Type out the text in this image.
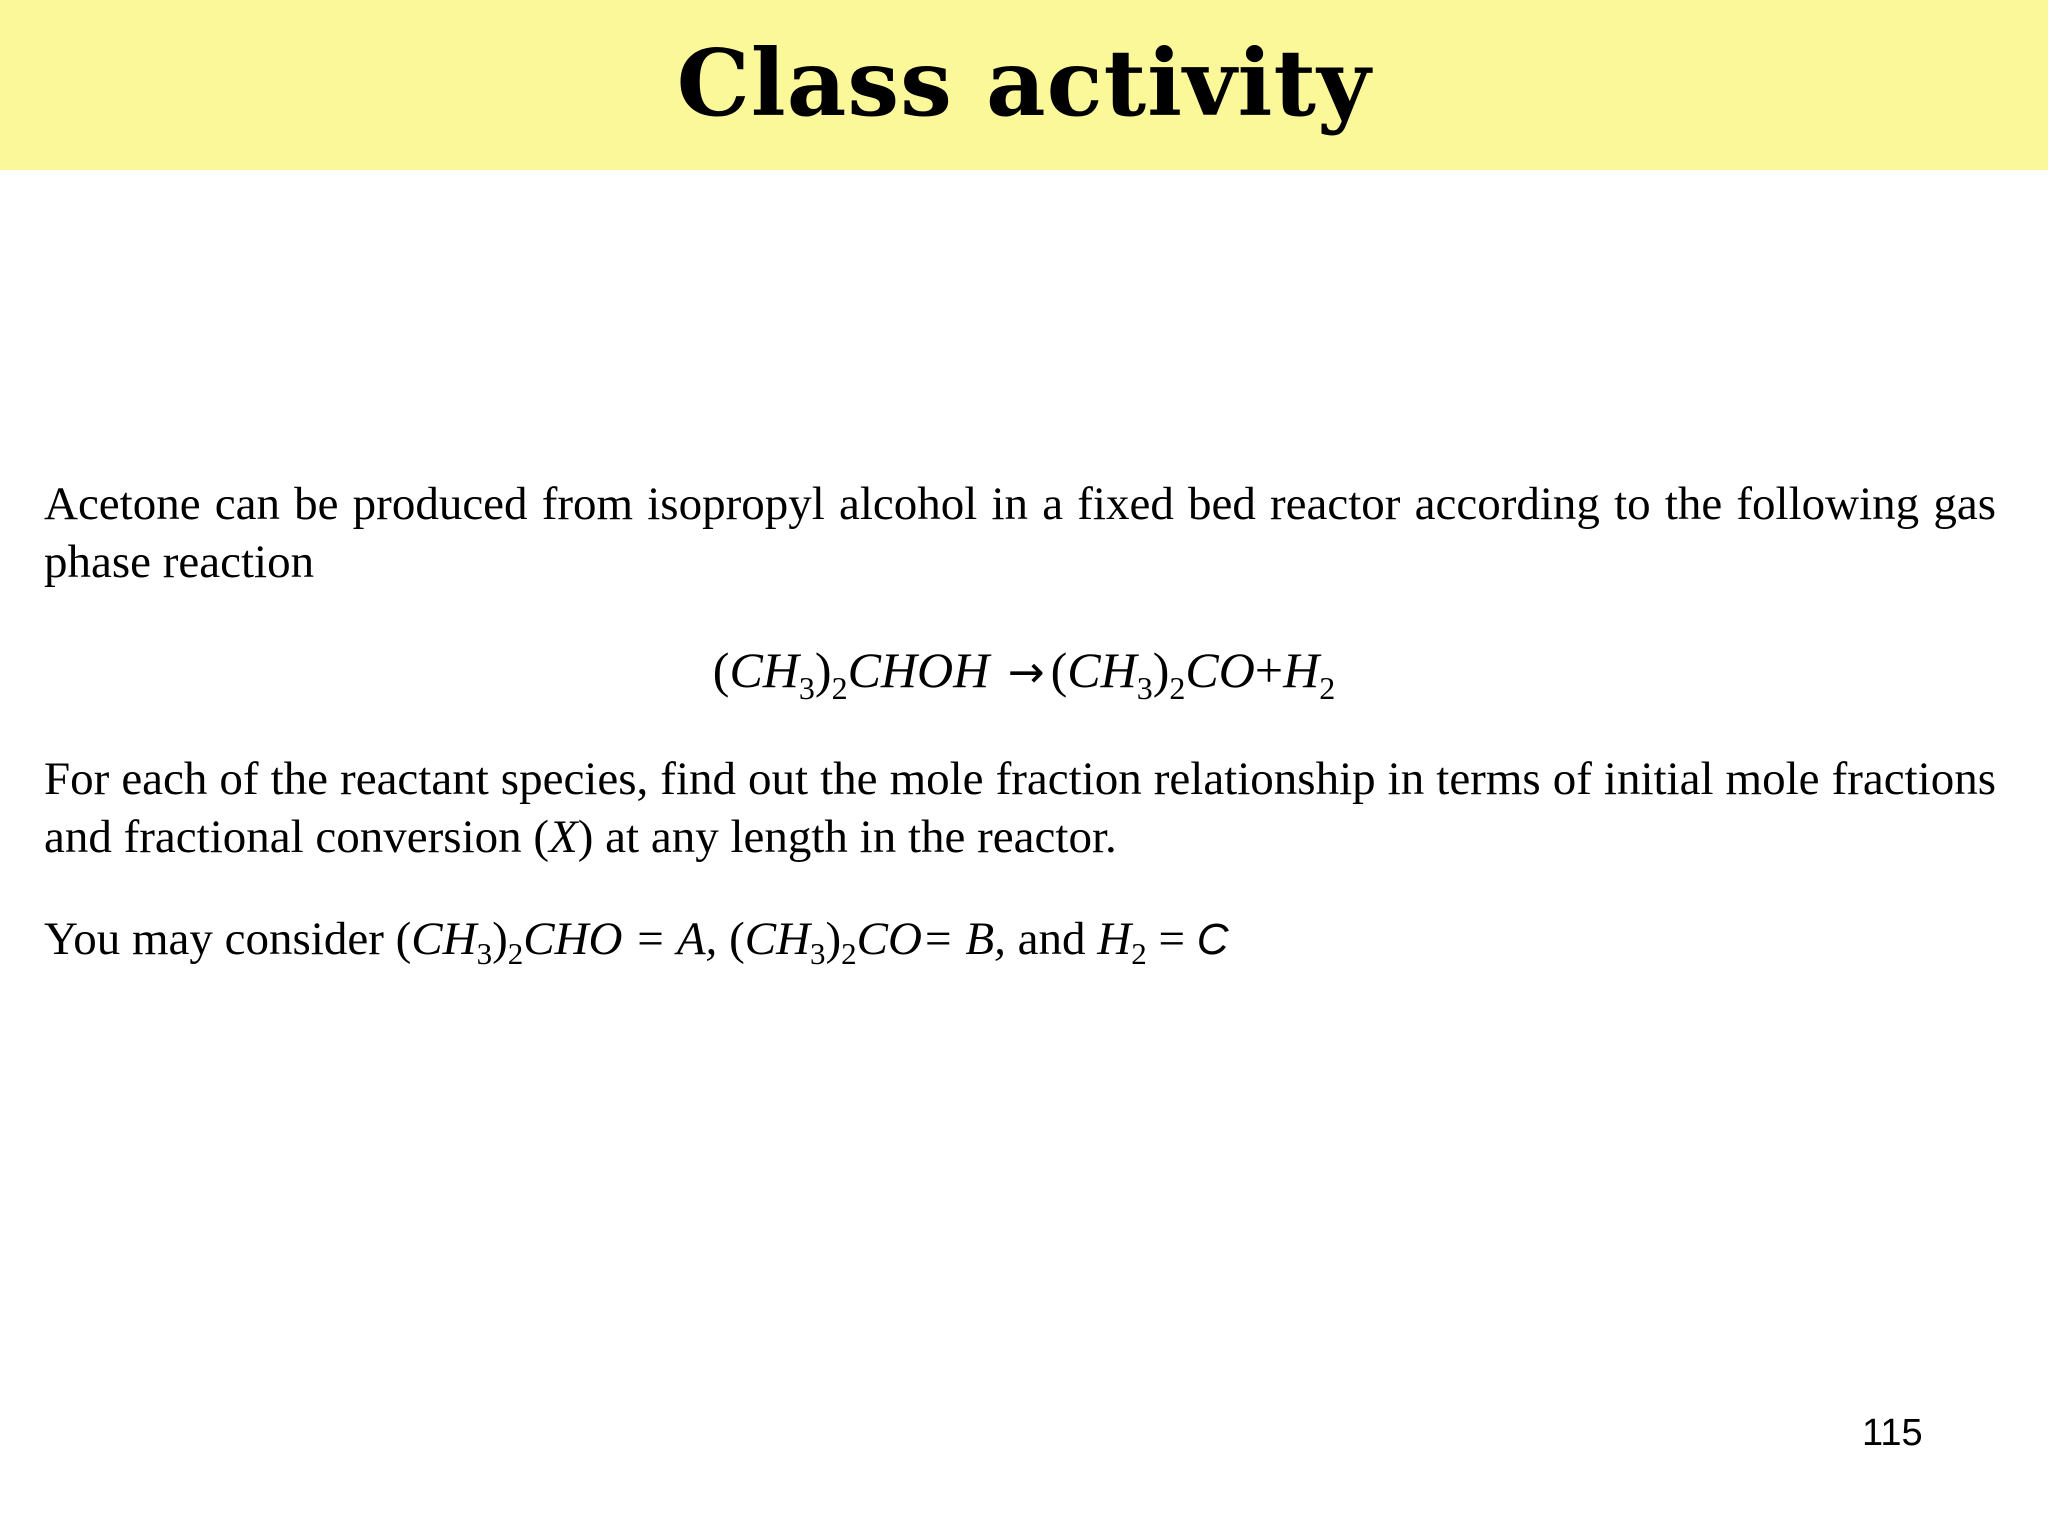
Class activity
Acetone can be produced from isopropyl alcohol in a fixed bed reactor according to the following gas phase reaction
$(CH_3)_2CHOH \to (CH_3)_2CO+H_2$
For each of the reactant species, find out the mole fraction relationship in terms of initial mole fractions and fractional conversion (X) at any length in the reactor.
You may consider $(CH_3)_2CHO = A$, $(CH_3)_2CO= B$, and $H_2 = C$
115
